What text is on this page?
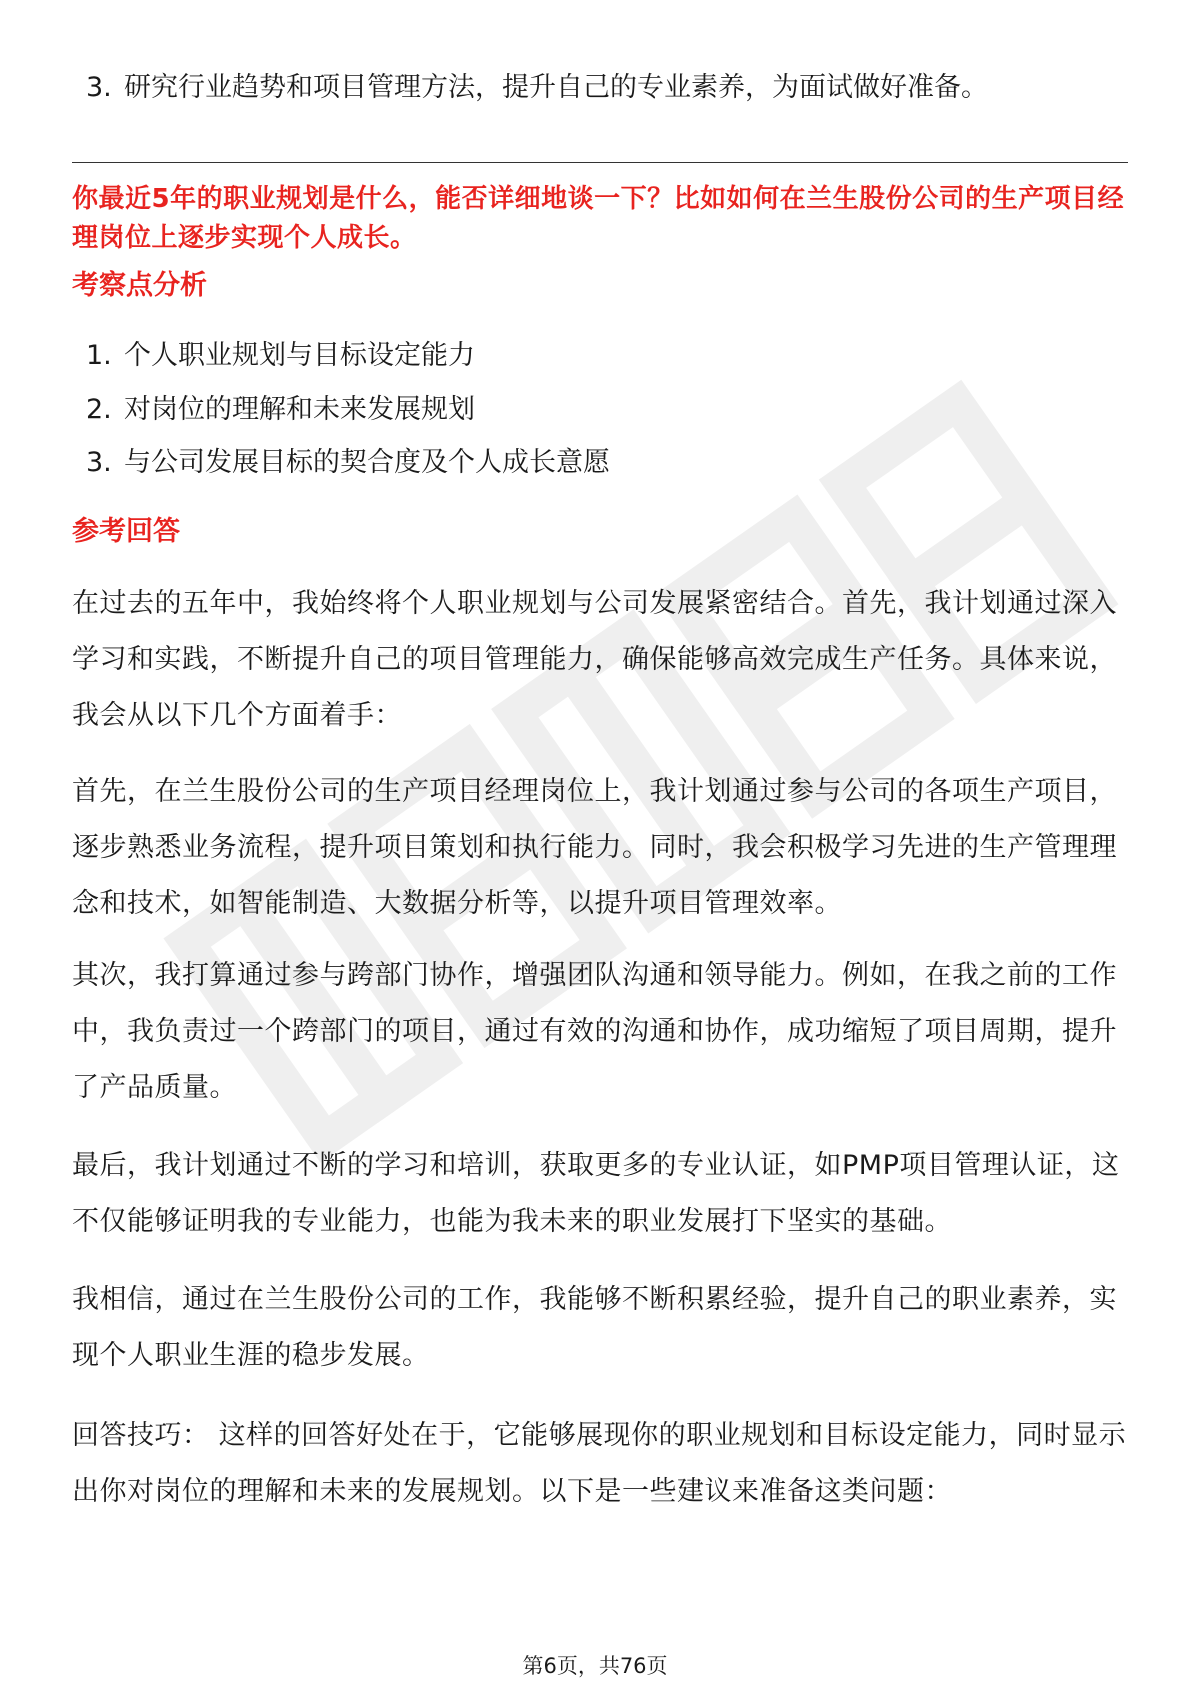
3. 研究行业趋势和项目管理方法，提升自己的专业素养，为面试做好准备。
你最近5年的职业规划是什么，能否详细地谈一下？比如如何在兰生股份公司的生产项目经理岗位上逐步实现个人成长。
考察点分析
1. 个人职业规划与目标设定能力
2. 对岗位的理解和未来发展规划
3. 与公司发展目标的契合度及个人成长意愿
参考回答
在过去的五年中，我始终将个人职业规划与公司发展紧密结合。首先，我计划通过深入学习和实践，不断提升自己的项目管理能力，确保能够高效完成生产任务。具体来说，我会从以下几个方面着手：
首先，在兰生股份公司的生产项目经理岗位上，我计划通过参与公司的各项生产项目，逐步熟悉业务流程，提升项目策划和执行能力。同时，我会积极学习先进的生产管理理念和技术，如智能制造、大数据分析等，以提升项目管理效率。
其次，我打算通过参与跨部门协作，增强团队沟通和领导能力。例如，在我之前的工作中，我负责过一个跨部门的项目，通过有效的沟通和协作，成功缩短了项目周期，提升了产品质量。
最后，我计划通过不断的学习和培训，获取更多的专业认证，如PMP项目管理认证，这不仅能够证明我的专业能力，也能为我未来的职业发展打下坚实的基础。
我相信，通过在兰生股份公司的工作，我能够不断积累经验，提升自己的职业素养，实现个人职业生涯的稳步发展。
回答技巧： 这样的回答好处在于，它能够展现你的职业规划和目标设定能力，同时显示出你对岗位的理解和未来的发展规划。以下是一些建议来准备这类问题：
第6页，共76页
